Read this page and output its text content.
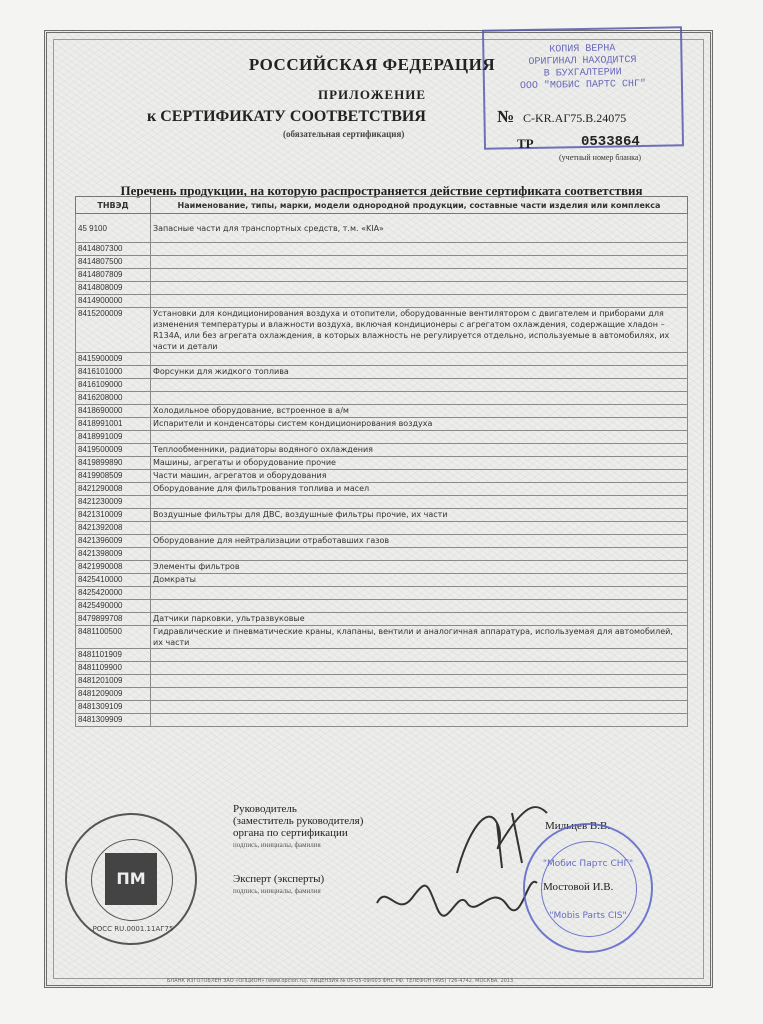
КОПИЯ ВЕРНА
ОРИГИНАЛ НАХОДИТСЯ
В БУХГАЛТЕРИИ
ООО "МОБИС ПАРТС СНГ"
РОССИЙСКАЯ ФЕДЕРАЦИЯ
ПРИЛОЖЕНИЕ
к СЕРТИФИКАТУ СООТВЕТСТВИЯ
(обязательная сертификация)
№ C-KR.AГ75.B.24075
ТР	0533864
(учетный номер бланка)
Перечень продукции, на которую распространяется действие сертификата соответствия
ТНВЭД	Наименование, типы, марки, модели однородной продукции, составные части изделия или комплекса
45 9100	Запасные части для транспортных средств, т.м. «KIA»
8414807300	
8414807500	
8414807809	
8414808009	
8414900000	
8415200009	Установки для кондиционирования воздуха и отопители, оборудованные вентилятором с двигателем и приборами для изменения температуры и влажности воздуха, включая кондиционеры с агрегатом охлаждения, содержащие хладон – R134A, или без агрегата охлаждения, в которых влажность не регулируется отдельно, используемые в автомобилях, их части и детали
8415900009	
8416101000	Форсунки для жидкого топлива
8416109000	
8416208000	
8418690000	Холодильное оборудование, встроенное в а/м
8418991001	Испарители и конденсаторы систем кондиционирования воздуха
8418991009	
8419500009	Теплообменники, радиаторы водяного охлаждения
8419899890	Машины, агрегаты и оборудование прочие
8419908509	Части машин, агрегатов и оборудования
8421290008	Оборудование для фильтрования топлива и масел
8421230009	
8421310009	Воздушные фильтры для ДВС, воздушные фильтры прочие, их части
8421392008	
8421396009	Оборудование для нейтрализации отработавших газов
8421398009	
8421990008	Элементы фильтров
8425410000	Домкраты
8425420000	
8425490000	
8479899708	Датчики парковки, ультразвуковые
8481100500	Гидравлические и пневматические краны, клапаны, вентили и аналогичная аппаратура, используемая для автомобилей, их части
8481101909	
8481109900	
8481201009	
8481209009	
8481309109	
8481309909	
Руководитель
(заместитель руководителя)
органа по сертификации
подпись, инициалы, фамилия
Мильцев В.В.
Эксперт (эксперты)
подпись, инициалы, фамилия	Мостовой И.В.
ПМ
РОСС RU.0001.11AГ75
"Мобис Партс СНГ"
"Mobis Parts CIS"
БЛАНК ИЗГОТОВЛЕН ЗАО «ОПЦИОН» (www.opcion.ru). ЛИЦЕНЗИЯ № 05-05-09/003 ФНС РФ. ТЕЛЕФОН (495) 726-4742. МОСКВА. 2013
